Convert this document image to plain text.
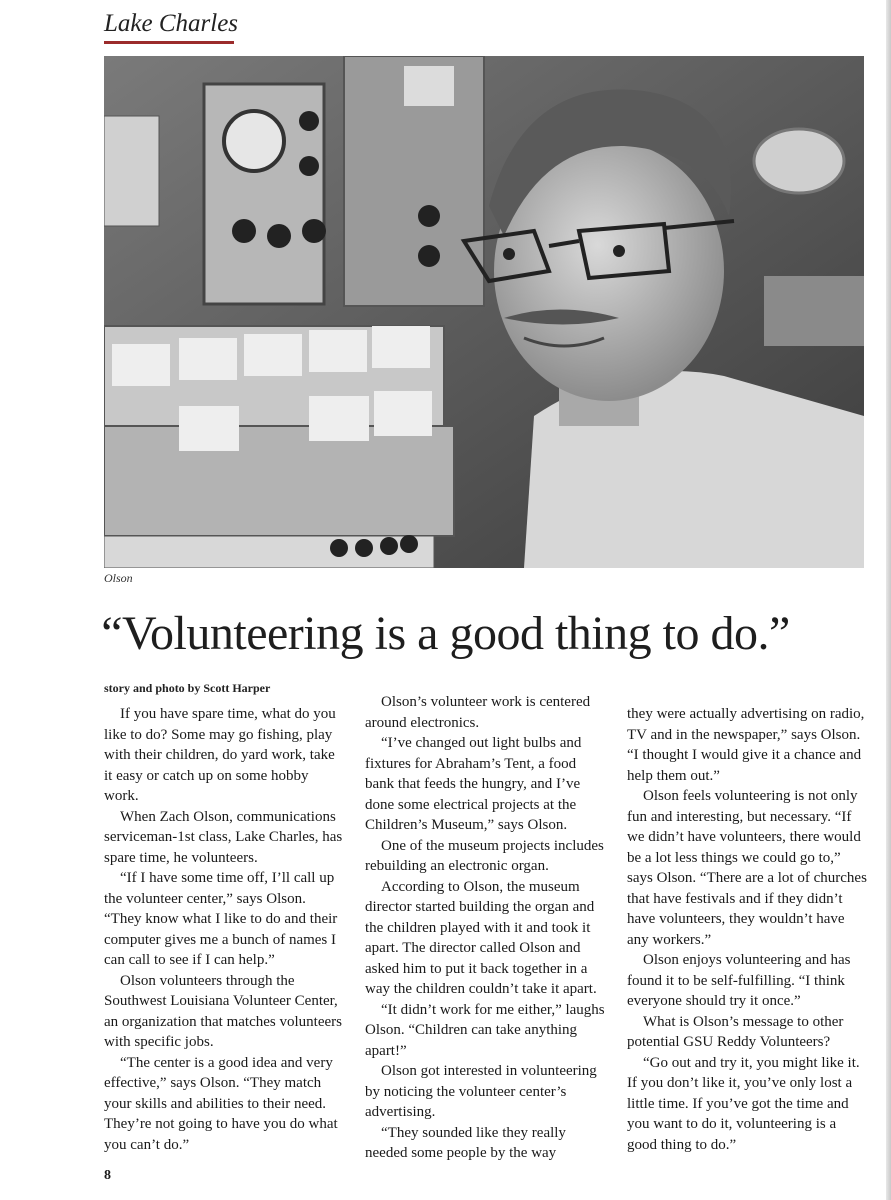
Lake Charles
Olson
“Volunteering is a good thing to do.”
story and photo by Scott Harper

If you have spare time, what do you like to do? Some may go fishing, play with their children, do yard work, take it easy or catch up on some hobby work.

When Zach Olson, communications serviceman-1st class, Lake Charles, has spare time, he volunteers.

“If I have some time off, I’ll call up the volunteer center,” says Olson. “They know what I like to do and their computer gives me a bunch of names I can call to see if I can help.”

Olson volunteers through the Southwest Louisiana Volunteer Center, an organization that matches volunteers with specific jobs.

“The center is a good idea and very effective,” says Olson. “They match your skills and abilities to their need. They’re not going to have you do what you can’t do.”

Olson’s volunteer work is centered around electronics.

“I’ve changed out light bulbs and fixtures for Abraham’s Tent, a food bank that feeds the hungry, and I’ve done some electrical projects at the Children’s Museum,” says Olson.

One of the museum projects includes rebuilding an electronic organ.

According to Olson, the museum director started building the organ and the children played with it and took it apart. The director called Olson and asked him to put it back together in a way the children couldn’t take it apart.

“It didn’t work for me either,” laughs Olson. “Children can take anything apart!”

Olson got interested in volunteering by noticing the volunteer center’s advertising.

“They sounded like they really needed some people by the way

they were actually advertising on radio, TV and in the newspaper,” says Olson. “I thought I would give it a chance and help them out.”

Olson feels volunteering is not only fun and interesting, but necessary. “If we didn’t have volunteers, there would be a lot less things we could go to,” says Olson. “There are a lot of churches that have festivals and if they didn’t have volunteers, they wouldn’t have any workers.”

Olson enjoys volunteering and has found it to be self-fulfilling. “I think everyone should try it once.”

What is Olson’s message to other potential GSU Reddy Volunteers?

“Go out and try it, you might like it. If you don’t like it, you’ve only lost a little time. If you’ve got the time and you want to do it, volunteering is a good thing to do.”

8
